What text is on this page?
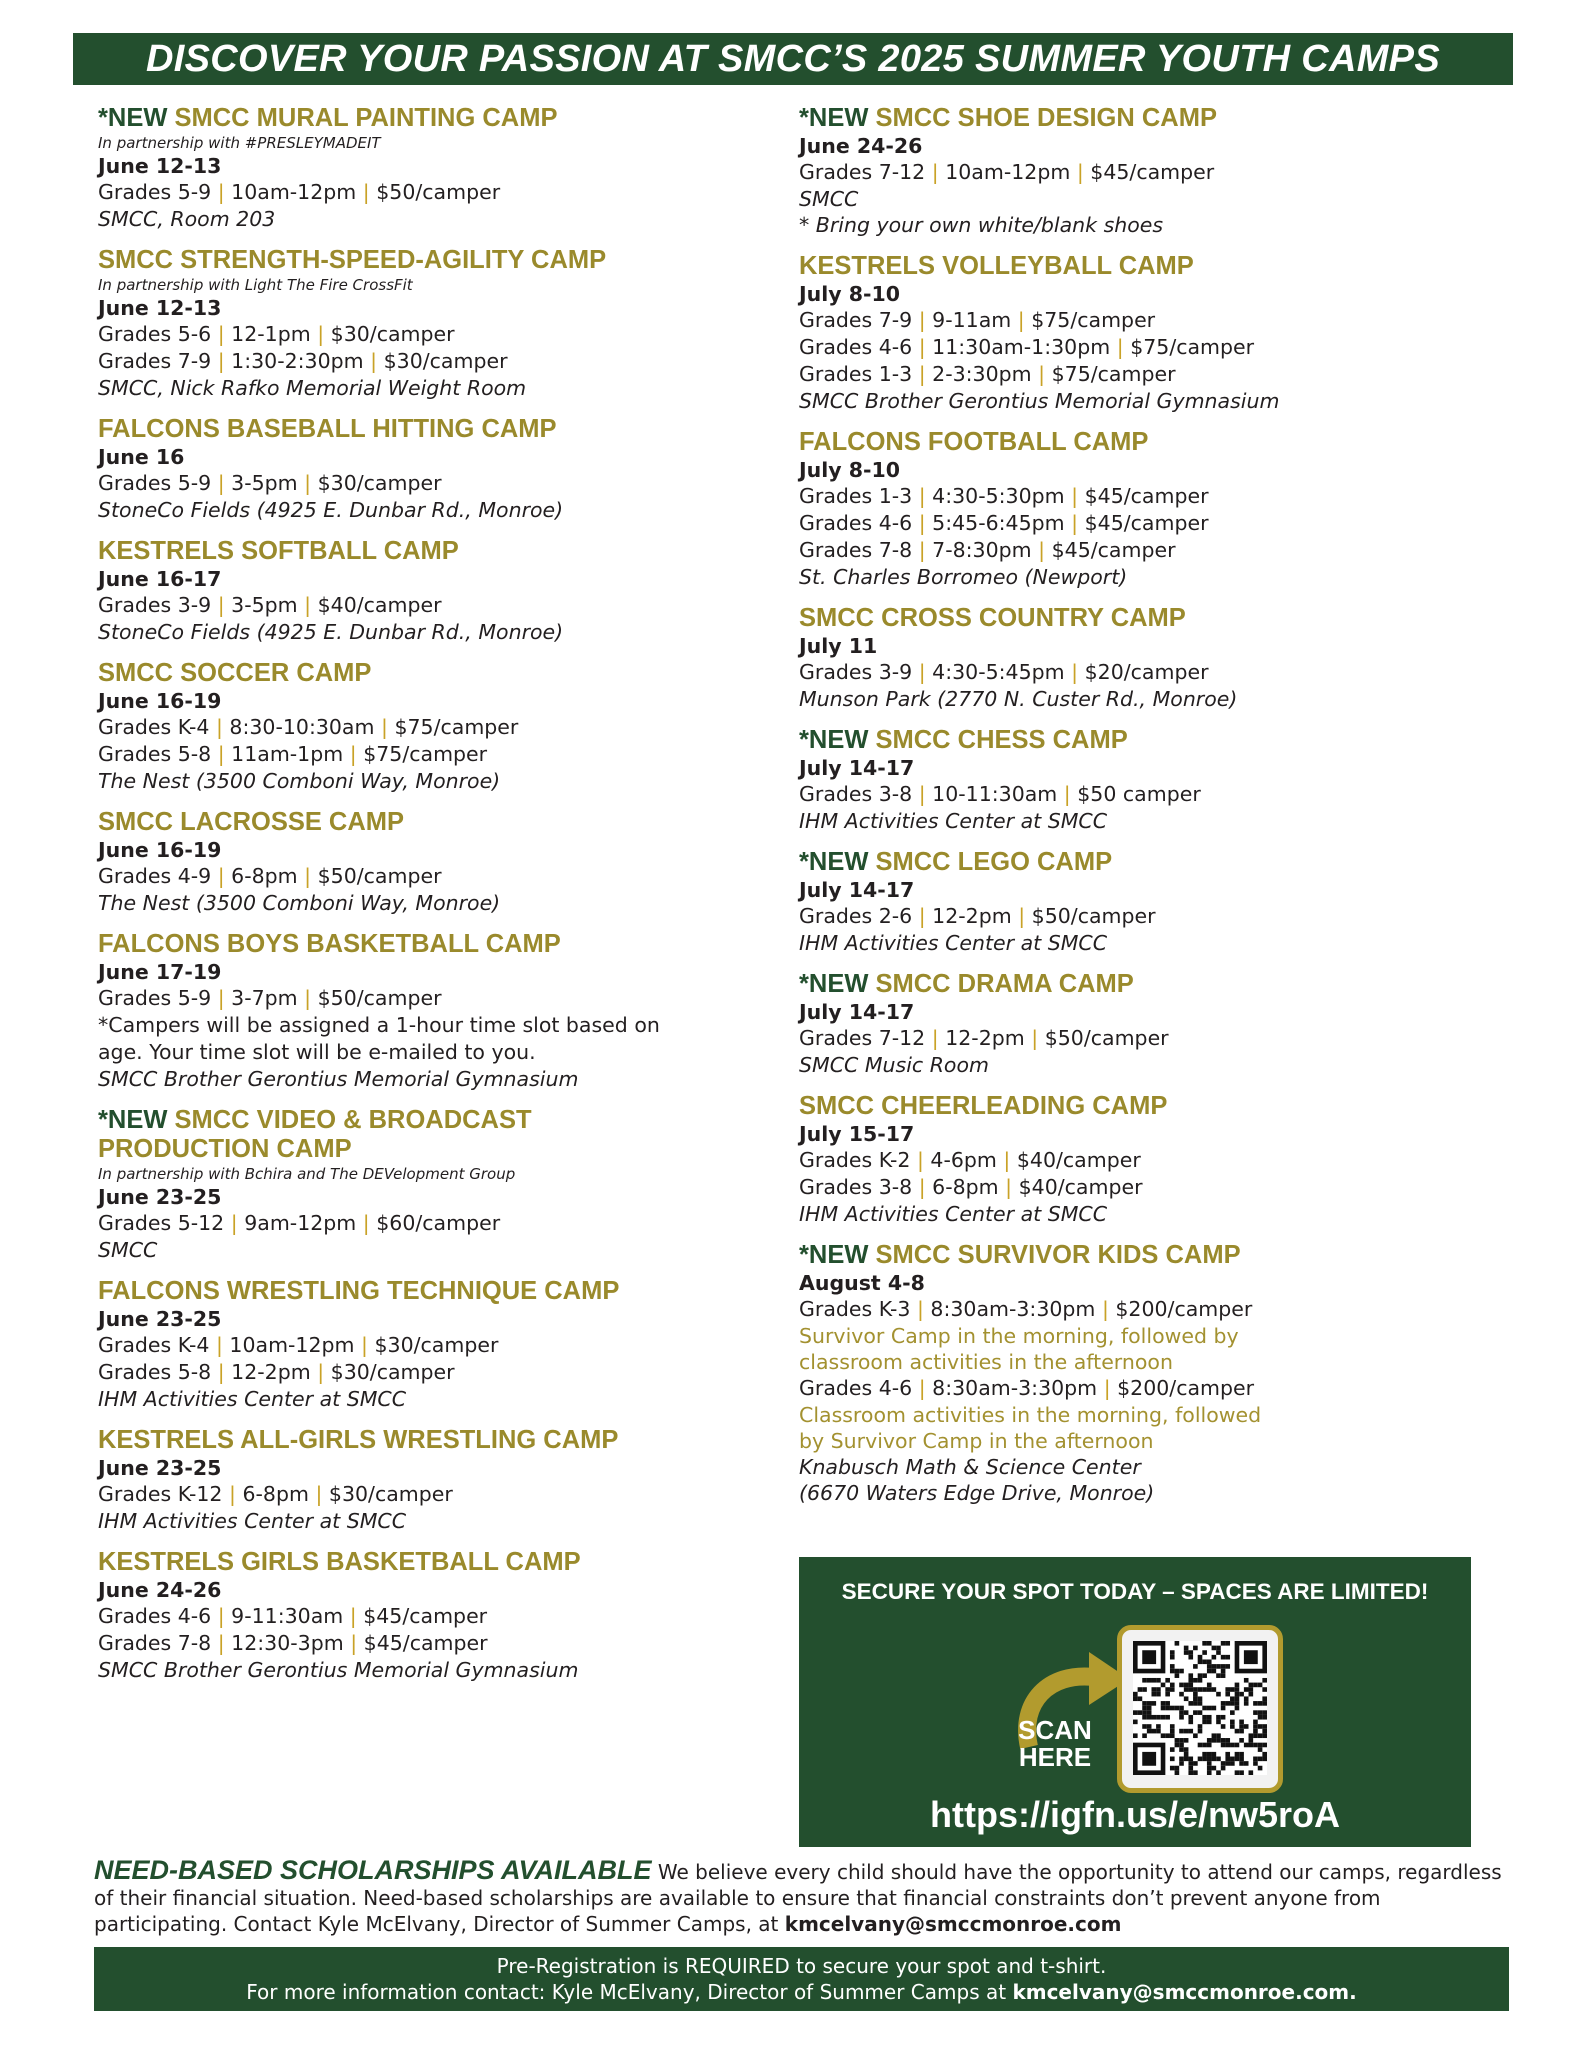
DISCOVER YOUR PASSION AT SMCC’S 2025 SUMMER YOUTH CAMPS
*NEW SMCC MURAL PAINTING CAMP
In partnership with #PRESLEYMADEIT
June 12-13
Grades 5-9 | 10am-12pm | $50/camper
SMCC, Room 203
SMCC STRENGTH-SPEED-AGILITY CAMP
In partnership with Light The Fire CrossFit
June 12-13
Grades 5-6 | 12-1pm | $30/camper
Grades 7-9 | 1:30-2:30pm | $30/camper
SMCC, Nick Rafko Memorial Weight Room
FALCONS BASEBALL HITTING CAMP
June 16
Grades 5-9 | 3-5pm | $30/camper
StoneCo Fields (4925 E. Dunbar Rd., Monroe)
KESTRELS SOFTBALL CAMP
June 16-17
Grades 3-9 | 3-5pm | $40/camper
StoneCo Fields (4925 E. Dunbar Rd., Monroe)
SMCC SOCCER CAMP
June 16-19
Grades K-4 | 8:30-10:30am | $75/camper
Grades 5-8 | 11am-1pm | $75/camper
The Nest (3500 Comboni Way, Monroe)
SMCC LACROSSE CAMP
June 16-19
Grades 4-9 | 6-8pm | $50/camper
The Nest (3500 Comboni Way, Monroe)
FALCONS BOYS BASKETBALL CAMP
June 17-19
Grades 5-9 | 3-7pm | $50/camper
*Campers will be assigned a 1-hour time slot based on age. Your time slot will be e-mailed to you.
SMCC Brother Gerontius Memorial Gymnasium
*NEW SMCC VIDEO & BROADCAST PRODUCTION CAMP
In partnership with Bchira and The DEVelopment Group
June 23-25
Grades 5-12 | 9am-12pm | $60/camper
SMCC
FALCONS WRESTLING TECHNIQUE CAMP
June 23-25
Grades K-4 | 10am-12pm | $30/camper
Grades 5-8 | 12-2pm | $30/camper
IHM Activities Center at SMCC
KESTRELS ALL-GIRLS WRESTLING CAMP
June 23-25
Grades K-12 | 6-8pm | $30/camper
IHM Activities Center at SMCC
KESTRELS GIRLS BASKETBALL CAMP
June 24-26
Grades 4-6 | 9-11:30am | $45/camper
Grades 7-8 | 12:30-3pm | $45/camper
SMCC Brother Gerontius Memorial Gymnasium
*NEW SMCC SHOE DESIGN CAMP
June 24-26
Grades 7-12 | 10am-12pm | $45/camper
SMCC
* Bring your own white/blank shoes
KESTRELS VOLLEYBALL CAMP
July 8-10
Grades 7-9 | 9-11am | $75/camper
Grades 4-6 | 11:30am-1:30pm | $75/camper
Grades 1-3 | 2-3:30pm | $75/camper
SMCC Brother Gerontius Memorial Gymnasium
FALCONS FOOTBALL CAMP
July 8-10
Grades 1-3 | 4:30-5:30pm | $45/camper
Grades 4-6 | 5:45-6:45pm | $45/camper
Grades 7-8 | 7-8:30pm | $45/camper
St. Charles Borromeo (Newport)
SMCC CROSS COUNTRY CAMP
July 11
Grades 3-9 | 4:30-5:45pm | $20/camper
Munson Park (2770 N. Custer Rd., Monroe)
*NEW SMCC CHESS CAMP
July 14-17
Grades 3-8 | 10-11:30am | $50 camper
IHM Activities Center at SMCC
*NEW SMCC LEGO CAMP
July 14-17
Grades 2-6 | 12-2pm | $50/camper
IHM Activities Center at SMCC
*NEW SMCC DRAMA CAMP
July 14-17
Grades 7-12 | 12-2pm | $50/camper
SMCC Music Room
SMCC CHEERLEADING CAMP
July 15-17
Grades K-2 | 4-6pm | $40/camper
Grades 3-8 | 6-8pm | $40/camper
IHM Activities Center at SMCC
*NEW SMCC SURVIVOR KIDS CAMP
August 4-8
Grades K-3 | 8:30am-3:30pm | $200/camper
Survivor Camp in the morning, followed by classroom activities in the afternoon
Grades 4-6 | 8:30am-3:30pm | $200/camper
Classroom activities in the morning, followed by Survivor Camp in the afternoon
Knabusch Math & Science Center
(6670 Waters Edge Drive, Monroe)
SECURE YOUR SPOT TODAY – SPACES ARE LIMITED!
SCAN
HERE
https://igfn.us/e/nw5roA
NEED-BASED SCHOLARSHIPS AVAILABLE We believe every child should have the opportunity to attend our camps, regardless of their financial situation. Need-based scholarships are available to ensure that financial constraints don’t prevent anyone from participating. Contact Kyle McElvany, Director of Summer Camps, at kmcelvany@smccmonroe.com
Pre-Registration is REQUIRED to secure your spot and t-shirt.
For more information contact: Kyle McElvany, Director of Summer Camps at kmcelvany@smccmonroe.com.
